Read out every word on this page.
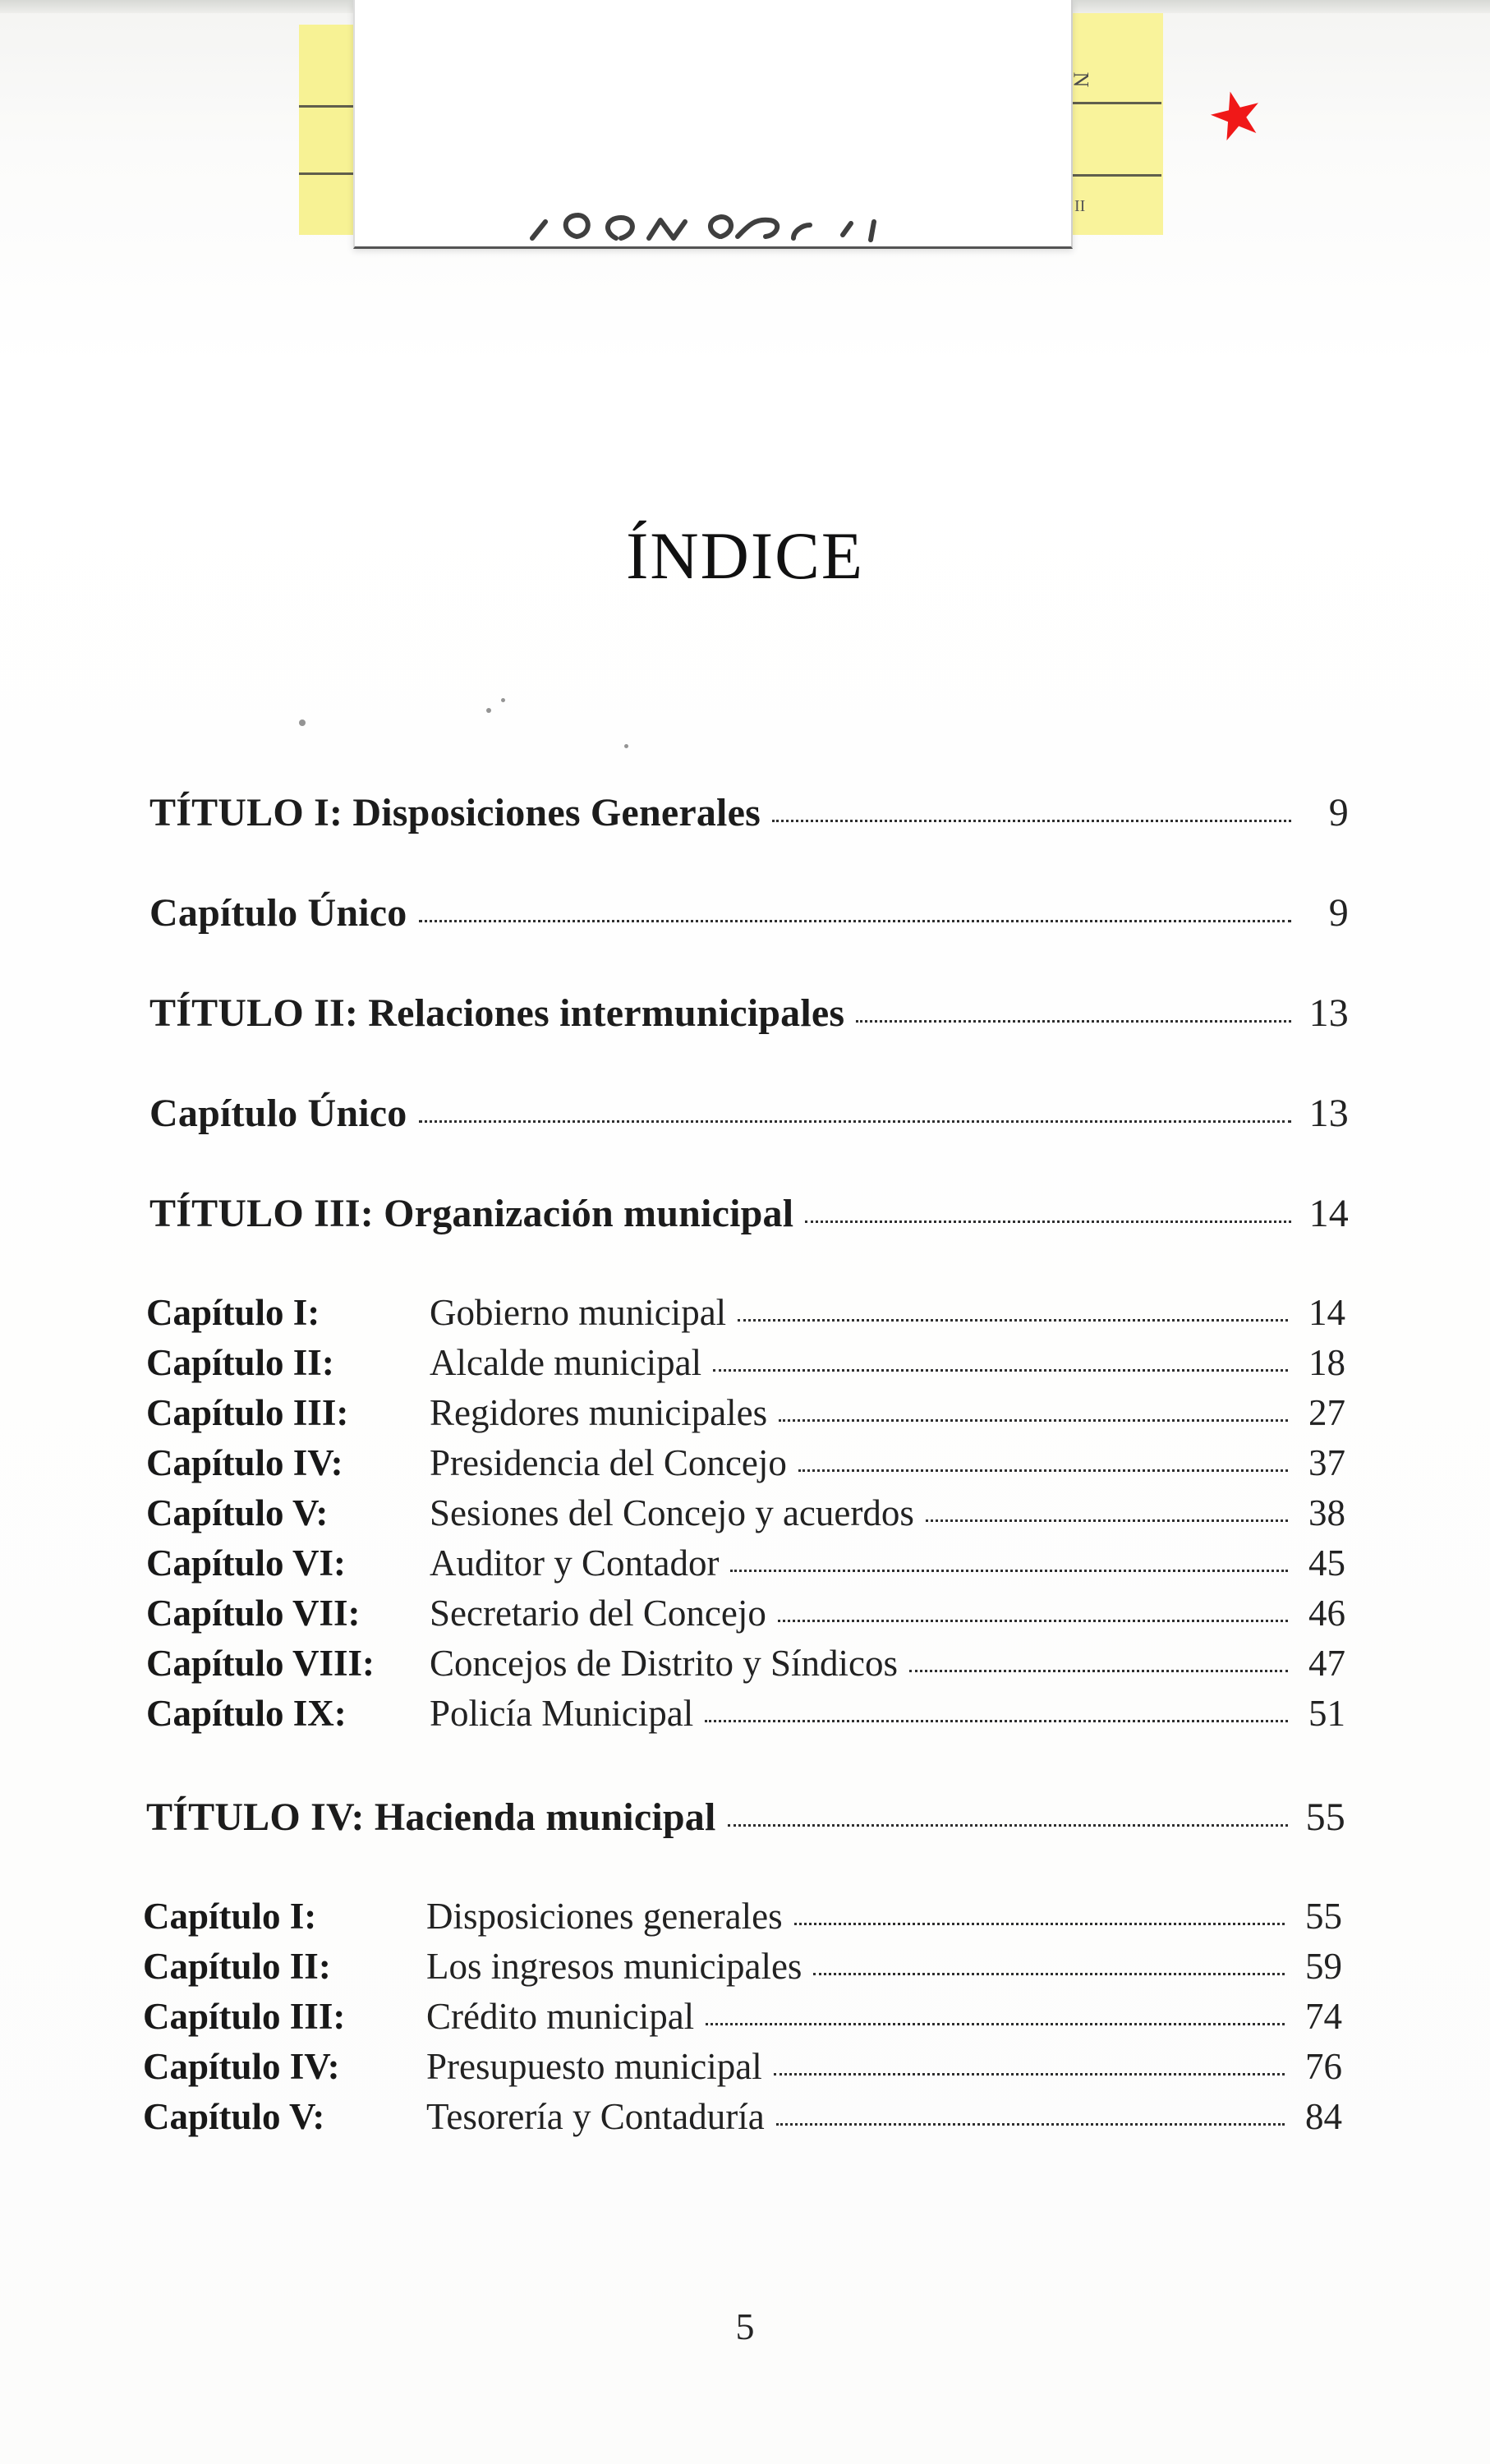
N
II
★
ÍNDICE
TÍTULO I: Disposiciones Generales	9
Capítulo Único	9
TÍTULO II: Relaciones intermunicipales	13
Capítulo Único	13
TÍTULO III: Organización municipal	14
Capítulo I:	Gobierno municipal	14
Capítulo II:	Alcalde municipal	18
Capítulo III:	Regidores municipales	27
Capítulo IV:	Presidencia del Concejo	37
Capítulo V:	Sesiones del Concejo y acuerdos	38
Capítulo VI:	Auditor y Contador	45
Capítulo VII:	Secretario del Concejo	46
Capítulo VIII:	Concejos de Distrito y Síndicos	47
Capítulo IX:	Policía Municipal	51
TÍTULO IV: Hacienda municipal	55
Capítulo I:	Disposiciones generales	55
Capítulo II:	Los ingresos municipales	59
Capítulo III:	Crédito municipal	74
Capítulo IV:	Presupuesto municipal	76
Capítulo V:	Tesorería y Contaduría	84
5
